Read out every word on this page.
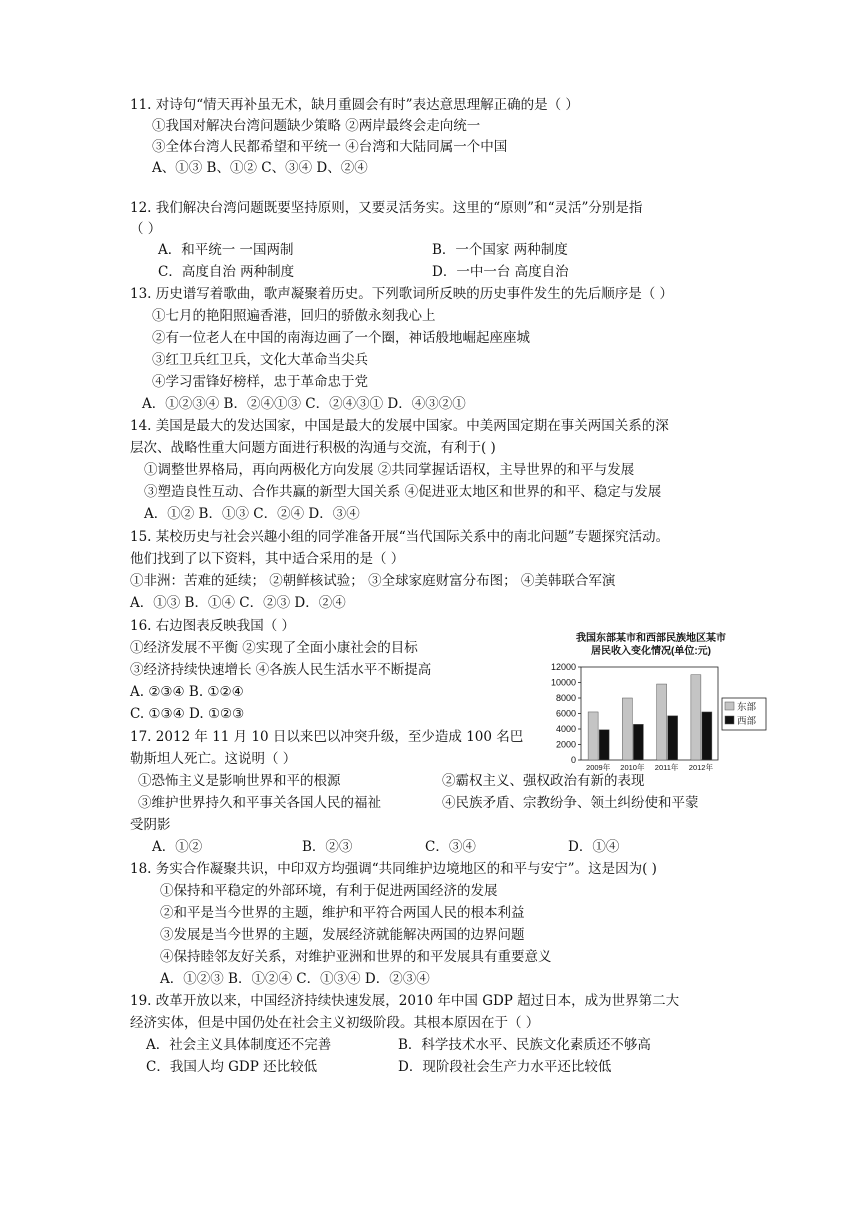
11. 对诗句“情天再补虽无术，缺月重圆会有时”表达意思理解正确的是（ ）
①我国对解决台湾问题缺少策略 ②两岸最终会走向统一
③全体台湾人民都希望和平统一 ④台湾和大陆同属一个中国
A、①③ B、①② C、③④ D、②④
12. 我们解决台湾问题既要坚持原则，又要灵活务实。这里的“原则”和“灵活”分别是指
（ ）
A．和平统一 一国两制	B．一个国家 两种制度
C．高度自治 两种制度	D．一中一台 高度自治
13. 历史谱写着歌曲，歌声凝聚着历史。下列歌词所反映的历史事件发生的先后顺序是（ ）
①七月的艳阳照遍香港，回归的骄傲永刻我心上
②有一位老人在中国的南海边画了一个圈，神话般地崛起座座城
③红卫兵红卫兵，文化大革命当尖兵
④学习雷锋好榜样，忠于革命忠于党
A．①②③④ B．②④①③ C．②④③① D．④③②①
14. 美国是最大的发达国家，中国是最大的发展中国家。中美两国定期在事关两国关系的深
层次、战略性重大问题方面进行积极的沟通与交流，有利于( )
①调整世界格局，再向两极化方向发展 ②共同掌握话语权，主导世界的和平与发展
③塑造良性互动、合作共赢的新型大国关系 ④促进亚太地区和世界的和平、稳定与发展
A．①② B．①③ C．②④ D．③④
15. 某校历史与社会兴趣小组的同学准备开展“当代国际关系中的南北问题”专题探究活动。
他们找到了以下资料，其中适合采用的是（ ）
①非洲：苦难的延续； ②朝鲜核试验； ③全球家庭财富分布图； ④美韩联合军演
A．①③ B．①④ C．②③ D．②④
16. 右边图表反映我国（ ）
①经济发展不平衡 ②实现了全面小康社会的目标
③经济持续快速增长 ④各族人民生活水平不断提高
A. ②③④ B. ①②④
C. ①③④ D. ①②③
17. 2012 年 11 月 10 日以来巴以冲突升级，至少造成 100 名巴
勒斯坦人死亡。这说明（ ）
①恐怖主义是影响世界和平的根源	②霸权主义、强权政治有新的表现
③维护世界持久和平事关各国人民的福祉	④民族矛盾、宗教纷争、领土纠纷使和平蒙
受阴影
A．①②	B．②③	C．③④	D．①④
18. 务实合作凝聚共识，中印双方均强调“共同维护边境地区的和平与安宁”。这是因为( )
①保持和平稳定的外部环境，有利于促进两国经济的发展
②和平是当今世界的主题，维护和平符合两国人民的根本利益
③发展是当今世界的主题，发展经济就能解决两国的边界问题
④保持睦邻友好关系，对维护亚洲和世界的和平发展具有重要意义
A．①②③ B．①②④ C．①③④ D．②③④
19. 改革开放以来，中国经济持续快速发展，2010 年中国 GDP 超过日本，成为世界第二大
经济实体，但是中国仍处在社会主义初级阶段。其根本原因在于（ ）
A．社会主义具体制度还不完善	B．科学技术水平、民族文化素质还不够高
C．我国人均 GDP 还比较低	D．现阶段社会生产力水平还比较低
我国东部某市和西部民族地区某市
居民收入变化情况(单位:元)
0
2000
4000
6000
8000
10000
12000
2009年 2010年 2011年 2012年
东部
西部
